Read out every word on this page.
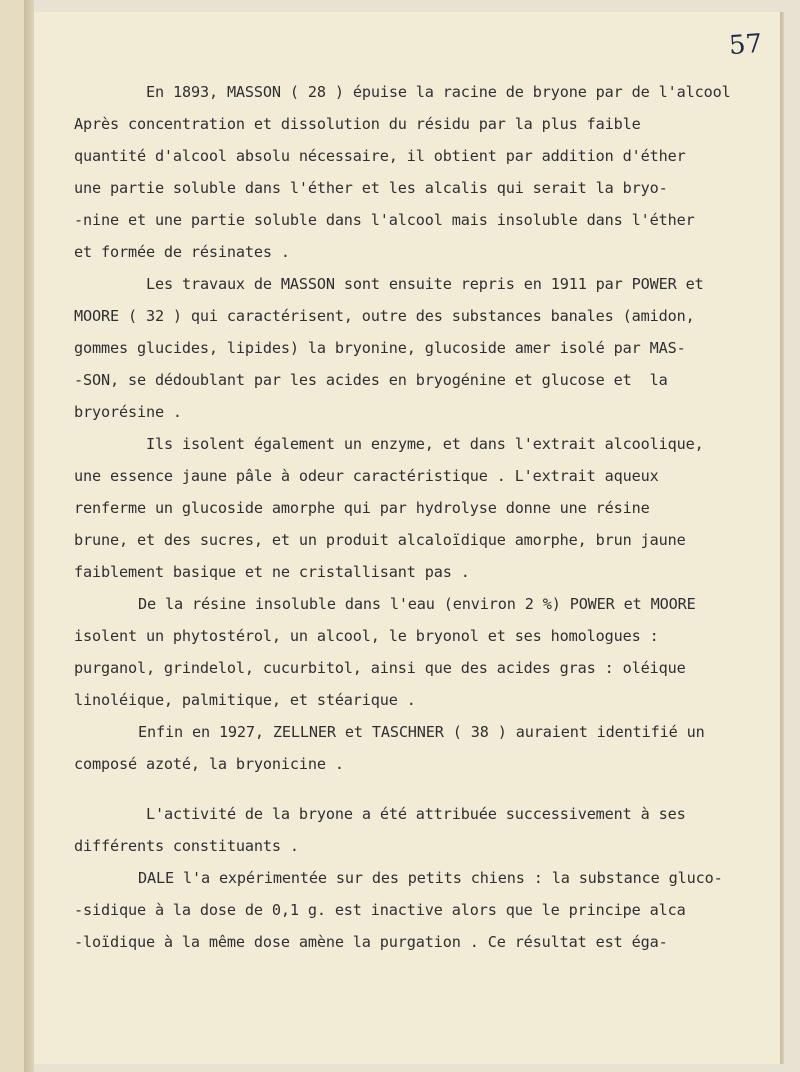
57
En 1893, MASSON ( 28 ) épuise la racine de bryone par de l'alcool
Après concentration et dissolution du résidu par la plus faible
quantité d'alcool absolu nécessaire, il obtient par addition d'éther
une partie soluble dans l'éther et les alcalis qui serait la bryo-
-nine et une partie soluble dans l'alcool mais insoluble dans l'éther
et formée de résinates .
Les travaux de MASSON sont ensuite repris en 1911 par POWER et
MOORE ( 32 ) qui caractérisent, outre des substances banales (amidon,
gommes glucides, lipides) la bryonine, glucoside amer isolé par MAS-
-SON, se dédoublant par les acides en bryogénine et glucose et  la
bryorésine .
Ils isolent également un enzyme, et dans l'extrait alcoolique,
une essence jaune pâle à odeur caractéristique . L'extrait aqueux
renferme un glucoside amorphe qui par hydrolyse donne une résine
brune, et des sucres, et un produit alcaloïdique amorphe, brun jaune
faiblement basique et ne cristallisant pas .
De la résine insoluble dans l'eau (environ 2 %) POWER et MOORE
isolent un phytostérol, un alcool, le bryonol et ses homologues :
purganol, grindelol, cucurbitol, ainsi que des acides gras : oléique
linoléique, palmitique, et stéarique .
Enfin en 1927, ZELLNER et TASCHNER ( 38 ) auraient identifié un
composé azoté, la bryonicine .
L'activité de la bryone a été attribuée successivement à ses
différents constituants .
DALE l'a expérimentée sur des petits chiens : la substance gluco-
-sidique à la dose de 0,1 g. est inactive alors que le principe alca
-loïdique à la même dose amène la purgation . Ce résultat est éga-
